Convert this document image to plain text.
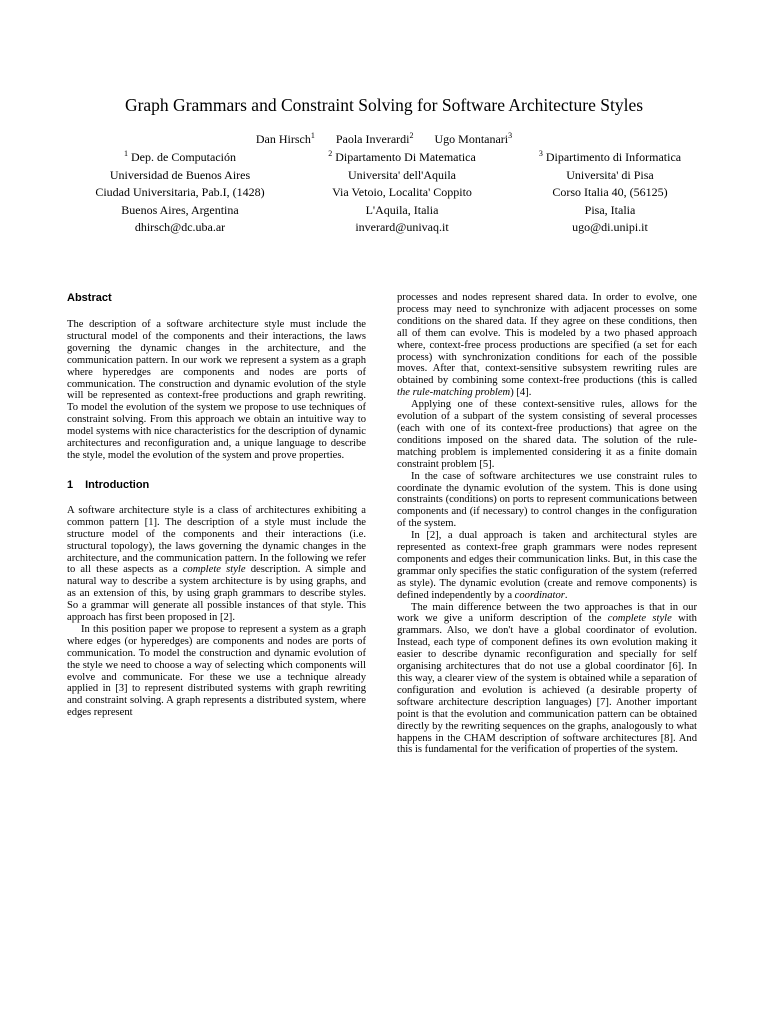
Graph Grammars and Constraint Solving for Software Architecture Styles
Dan Hirsch$^1$ Paola Inverardi$^2$ Ugo Montanari$^3$
$^1$ Dep. de Computación
Universidad de Buenos Aires
Ciudad Universitaria, Pab.I, (1428)
Buenos Aires, Argentina
dhirsch@dc.uba.ar
$^2$ Dipartamento Di Matematica
Universita' dell'Aquila
Via Vetoio, Localita' Coppito
L'Aquila, Italia
inverard@univaq.it
$^3$ Dipartimento di Informatica
Universita' di Pisa
Corso Italia 40, (56125)
Pisa, Italia
ugo@di.unipi.it
Abstract

The description of a software architecture style must include the structural model of the components and their interactions, the laws governing the dynamic changes in the architecture, and the communication pattern. In our work we represent a system as a graph where hyperedges are components and nodes are ports of communication. The construction and dynamic evolution of the style will be represented as context-free productions and graph rewriting. To model the evolution of the system we propose to use techniques of constraint solving. From this approach we obtain an intuitive way to model systems with nice characteristics for the description of dynamic architectures and reconfiguration and, a unique language to describe the style, model the evolution of the system and prove properties.

1 Introduction

A software architecture style is a class of architectures exhibiting a common pattern [1]. The description of a style must include the structure model of the components and their interactions (i.e. structural topology), the laws governing the dynamic changes in the architecture, and the communication pattern. In the following we refer to all these aspects as a complete style description. A simple and natural way to describe a system architecture is by using graphs, and as an extension of this, by using graph grammars to describe styles. So a grammar will generate all possible instances of that style. This approach has first been proposed in [2].

In this position paper we propose to represent a system as a graph where edges (or hyperedges) are components and nodes are ports of communication. To model the construction and dynamic evolution of the style we need to choose a way of selecting which components will evolve and communicate. For these we use a technique already applied in [3] to represent distributed systems with graph rewriting and constraint solving. A graph represents a distributed system, where edges represent

processes and nodes represent shared data. In order to evolve, one process may need to synchronize with adjacent processes on some conditions on the shared data. If they agree on these conditions, then all of them can evolve. This is modeled by a two phased approach where, context-free process productions are specified (a set for each process) with synchronization conditions for each of the possible moves. After that, context-sensitive subsystem rewriting rules are obtained by combining some context-free productions (this is called the rule-matching problem) [4].

Applying one of these context-sensitive rules, allows for the evolution of a subpart of the system consisting of several processes (each with one of its context-free productions) that agree on the conditions imposed on the shared data. The solution of the rule-matching problem is implemented considering it as a finite domain constraint problem [5].

In the case of software architectures we use constraint rules to coordinate the dynamic evolution of the system. This is done using constraints (conditions) on ports to represent communications between components and (if necessary) to control changes in the configuration of the system.

In [2], a dual approach is taken and architectural styles are represented as context-free graph grammars were nodes represent components and edges their communication links. But, in this case the grammar only specifies the static configuration of the system (referred as style). The dynamic evolution (create and remove components) is defined independently by a coordinator.

The main difference between the two approaches is that in our work we give a uniform description of the complete style with grammars. Also, we don't have a global coordinator of evolution. Instead, each type of component defines its own evolution making it easier to describe dynamic reconfiguration and specially for self organising architectures that do not use a global coordinator [6]. In this way, a clearer view of the system is obtained while a separation of configuration and evolution is achieved (a desirable property of software architecture description languages) [7]. Another important point is that the evolution and communication pattern can be obtained directly by the rewriting sequences on the graphs, analogously to what happens in the CHAM description of software architectures [8]. And this is fundamental for the verification of properties of the system.
